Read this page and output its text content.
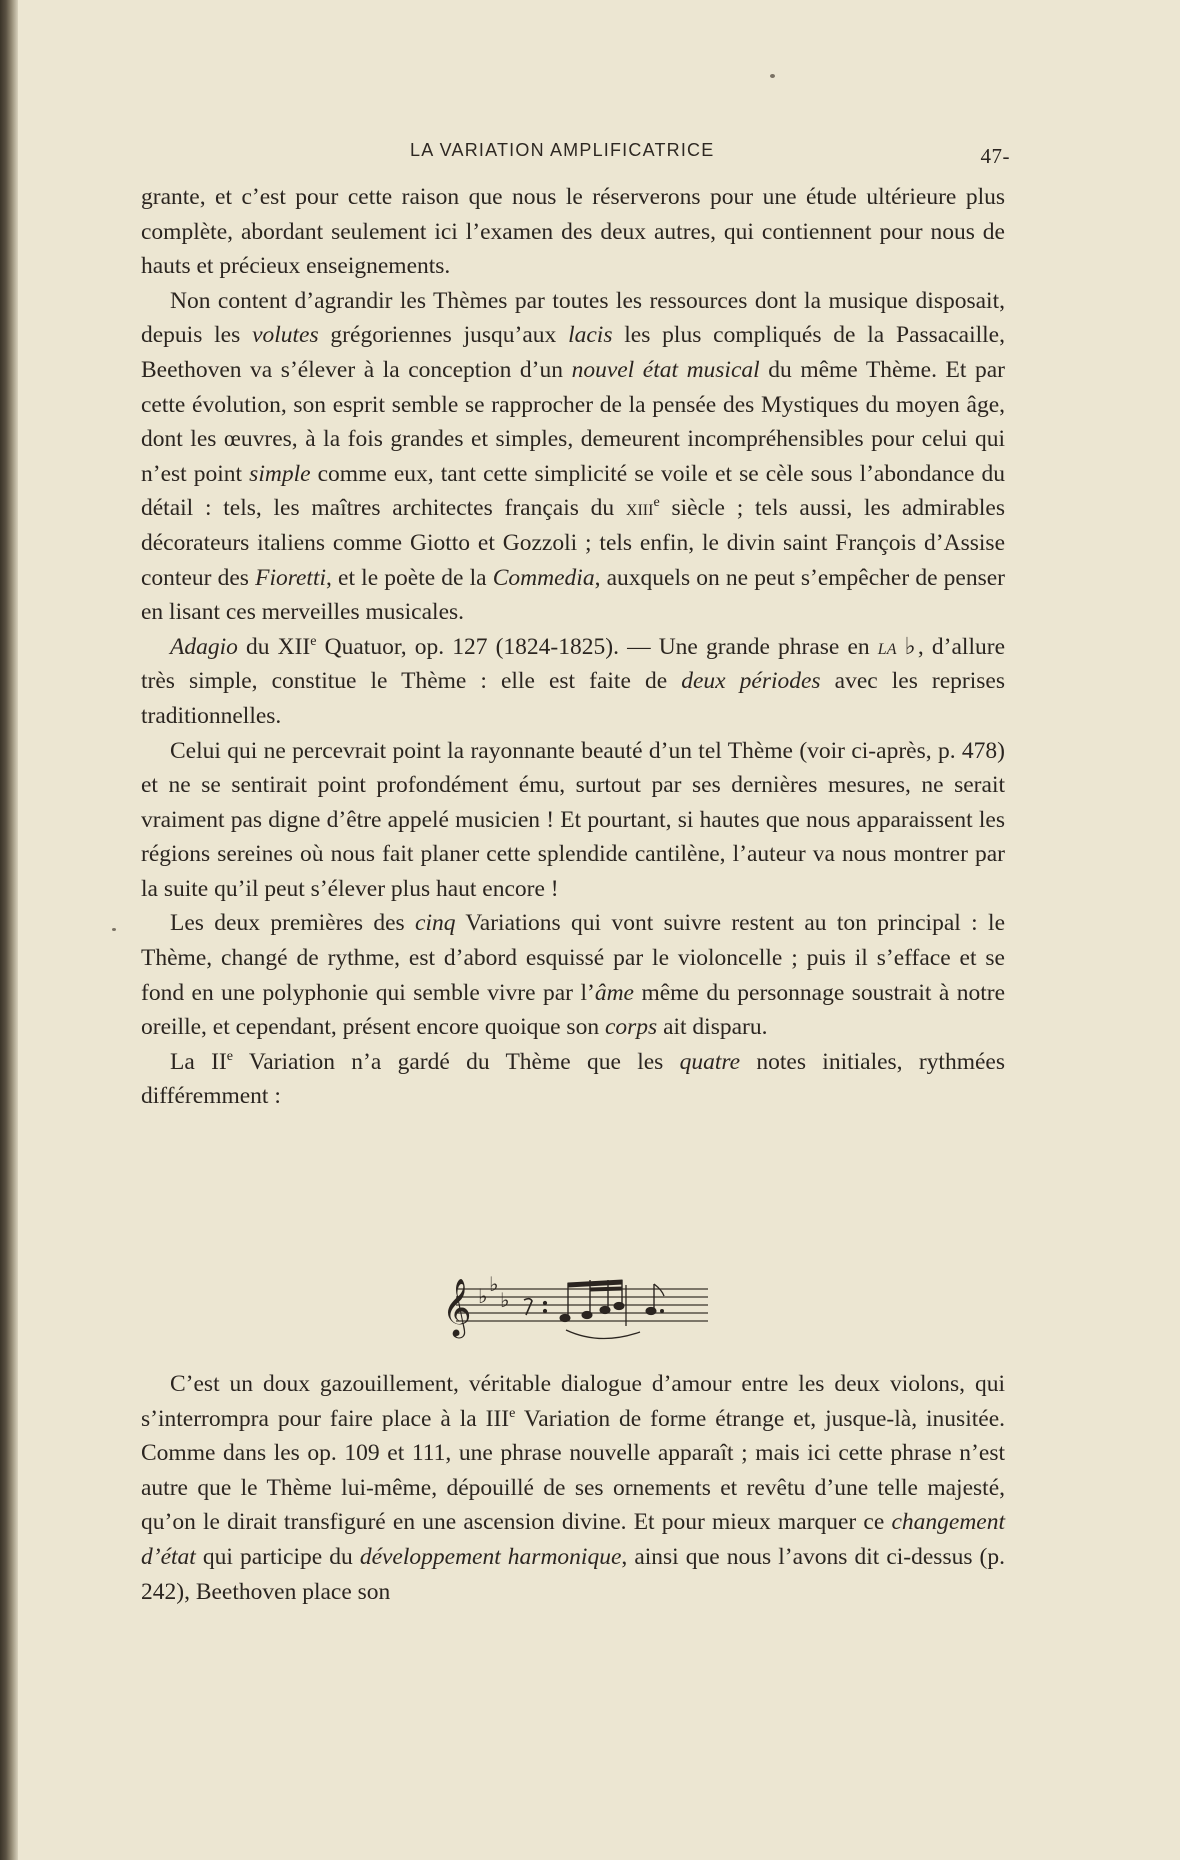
LA VARIATION AMPLIFICATRICE	47-

grante, et c’est pour cette raison que nous le réserverons pour une étude ultérieure plus complète, abordant seulement ici l’examen des deux autres, qui contiennent pour nous de hauts et précieux enseignements.

Non content d’agrandir les Thèmes par toutes les ressources dont la musique disposait, depuis les volutes grégoriennes jusqu’aux lacis les plus compliqués de la Passacaille, Beethoven va s’élever à la conception d’un nouvel état musical du même Thème. Et par cette évolution, son esprit semble se rapprocher de la pensée des Mystiques du moyen âge, dont les œuvres, à la fois grandes et simples, demeurent incompréhensibles pour celui qui n’est point simple comme eux, tant cette simplicité se voile et se cèle sous l’abondance du détail : tels, les maîtres architectes français du xiii$^e$ siècle ; tels aussi, les admirables décorateurs italiens comme Giotto et Gozzoli ; tels enfin, le divin saint François d’Assise conteur des Fioretti, et le poète de la Commedia, auxquels on ne peut s’empêcher de penser en lisant ces merveilles musicales.

Adagio du XIIe Quatuor, op. 127 (1824-1825). — Une grande phrase en la ♭, d’allure très simple, constitue le Thème : elle est faite de deux périodes avec les reprises traditionnelles.

Celui qui ne percevrait point la rayonnante beauté d’un tel Thème (voir ci-après, p. 478) et ne se sentirait point profondément ému, surtout par ses dernières mesures, ne serait vraiment pas digne d’être appelé musicien ! Et pourtant, si hautes que nous apparaissent les régions sereines où nous fait planer cette splendide cantilène, l’auteur va nous montrer par la suite qu’il peut s’élever plus haut encore !

Les deux premières des cinq Variations qui vont suivre restent au ton principal : le Thème, changé de rythme, est d’abord esquissé par le violoncelle ; puis il s’efface et se fond en une polyphonie qui semble vivre par l’âme même du personnage soustrait à notre oreille, et cependant, présent encore quoique son corps ait disparu.

La IIe Variation n’a gardé du Thème que les quatre notes initiales, rythmées différemment :

𝄞 ♭ ♭
♭

C’est un doux gazouillement, véritable dialogue d’amour entre les deux violons, qui s’interrompra pour faire place à la IIIe Variation de forme étrange et, jusque-là, inusitée. Comme dans les op. 109 et 111, une phrase nouvelle apparaît ; mais ici cette phrase n’est autre que le Thème lui-même, dépouillé de ses ornements et revêtu d’une telle majesté, qu’on le dirait transfiguré en une ascension divine. Et pour mieux marquer ce changement d’état qui participe du développement harmonique, ainsi que nous l’avons dit ci-dessus (p. 242), Beethoven place son
